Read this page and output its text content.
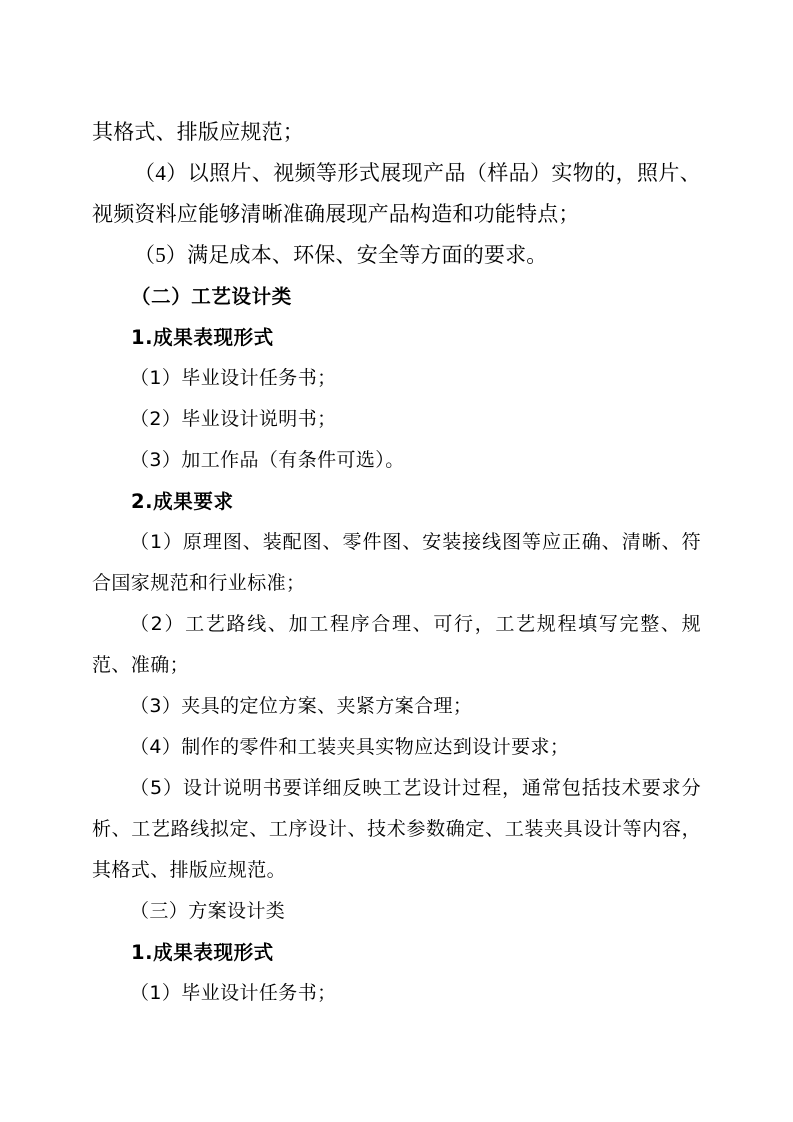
其格式、排版应规范；

（4）以照片、视频等形式展现产品（样品）实物的，照片、视频资料应能够清晰准确展现产品构造和功能特点；

（5）满足成本、环保、安全等方面的要求。

（二）工艺设计类

1.成果表现形式

（1）毕业设计任务书；

（2）毕业设计说明书；

（3）加工作品（有条件可选）。

2.成果要求

（1）原理图、装配图、零件图、安装接线图等应正确、清晰、符合国家规范和行业标准；

（2）工艺路线、加工程序合理、可行，工艺规程填写完整、规范、准确；

（3）夹具的定位方案、夹紧方案合理；

（4）制作的零件和工装夹具实物应达到设计要求；

（5）设计说明书要详细反映工艺设计过程，通常包括技术要求分析、工艺路线拟定、工序设计、技术参数确定、工装夹具设计等内容，其格式、排版应规范。

（三）方案设计类

1.成果表现形式

（1）毕业设计任务书；
